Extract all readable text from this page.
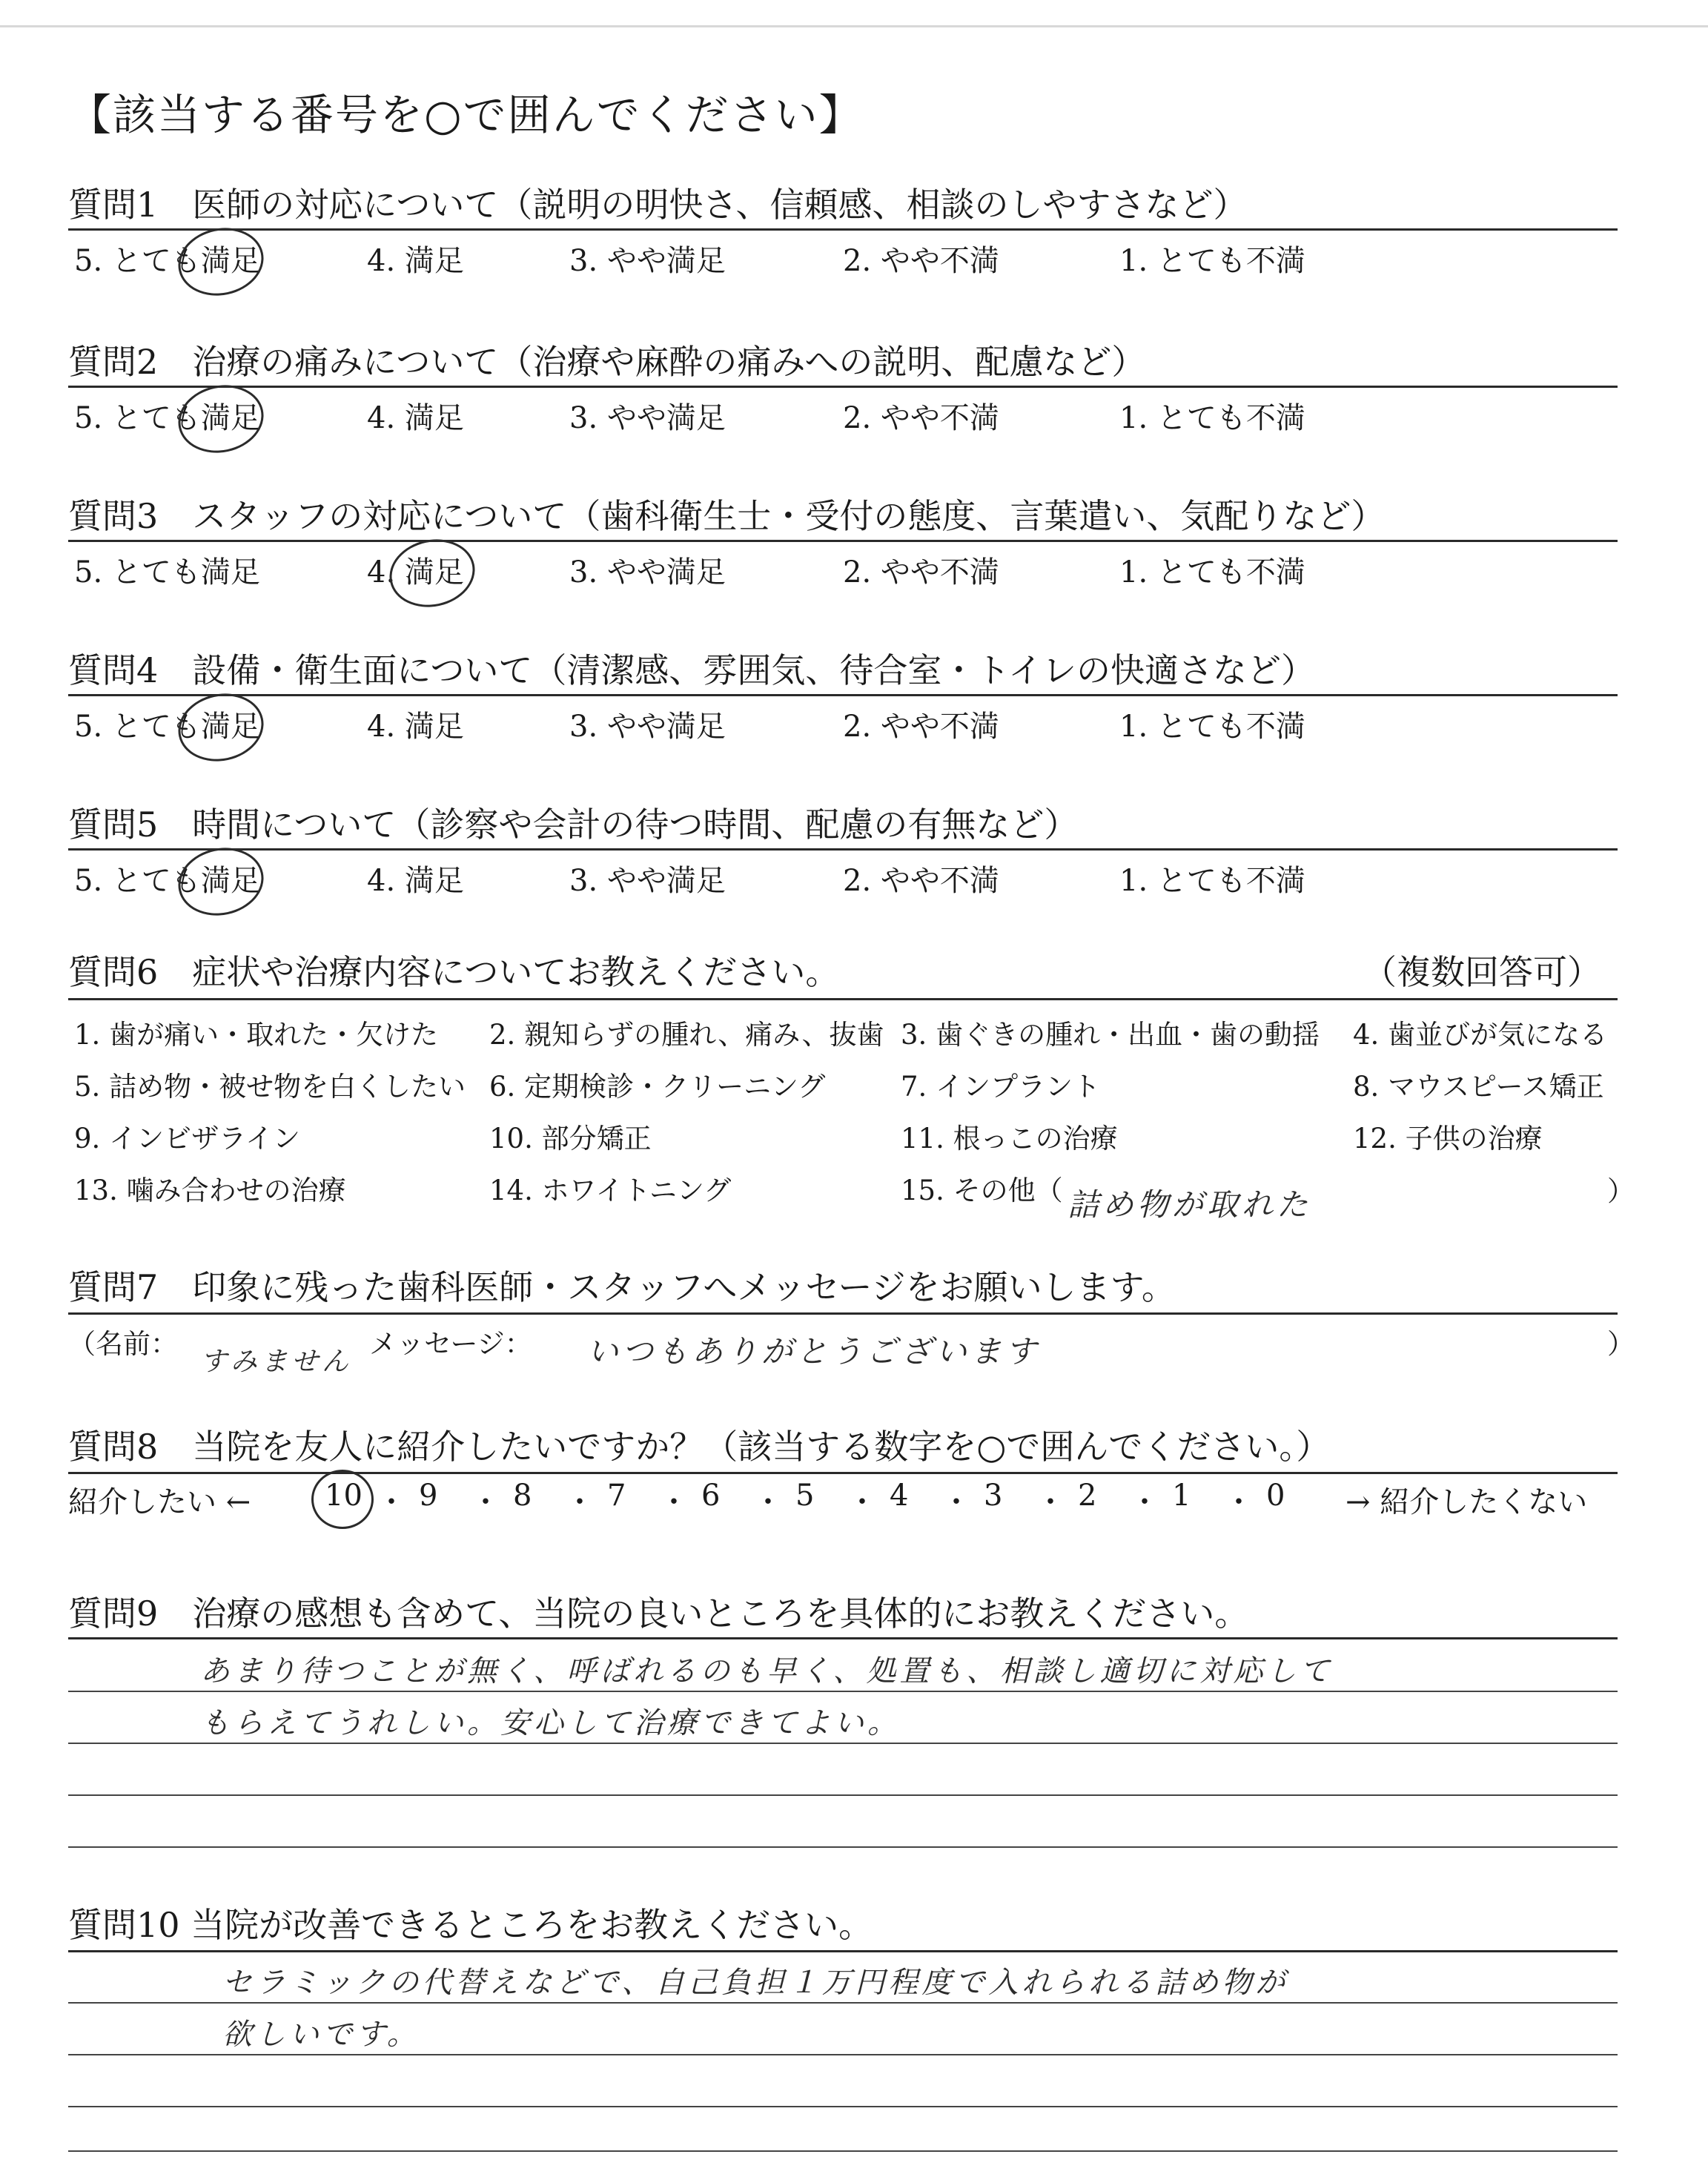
【該当する番号を○で囲んでください】
質問1　医師の対応について（説明の明快さ、信頼感、相談のしやすさなど）
5. とても満足	4. 満足	3. やや満足	2. やや不満	1. とても不満
質問2　治療の痛みについて（治療や麻酔の痛みへの説明、配慮など）
5. とても満足	4. 満足	3. やや満足	2. やや不満	1. とても不満
質問3　スタッフの対応について（歯科衛生士・受付の態度、言葉遣い、気配りなど）
5. とても満足	4. 満足	3. やや満足	2. やや不満	1. とても不満
質問4　設備・衛生面について（清潔感、雰囲気、待合室・トイレの快適さなど）
5. とても満足	4. 満足	3. やや満足	2. やや不満	1. とても不満
質問5　時間について（診察や会計の待つ時間、配慮の有無など）
5. とても満足	4. 満足	3. やや満足	2. やや不満	1. とても不満
質問6　症状や治療内容についてお教えください。	（複数回答可）
1. 歯が痛い・取れた・欠けた 2. 親知らずの腫れ、痛み、抜歯 3. 歯ぐきの腫れ・出血・歯の動揺 4. 歯並びが気になる
5. 詰め物・被せ物を白くしたい 6. 定期検診・クリーニング	7. インプラント	8. マウスピース矯正
9. インビザライン	10. 部分矯正	11. 根っこの治療	12. 子供の治療
13. 噛み合わせの治療	14. ホワイトニング	15. その他（ 詰め物が取れた	）
質問7　印象に残った歯科医師・スタッフへメッセージをお願いします。
（名前：
すみません
メッセージ： いつもありがとうございます	）
質問8　当院を友人に紹介したいですか？（該当する数字を○で囲んでください。）
紹介したい ← 10 ・ 9 ・ 8 ・ 7 ・ 6 ・ 5 ・ 4 ・ 3 ・ 2 ・ 1 ・ 0 → 紹介したくない
質問9　治療の感想も含めて、当院の良いところを具体的にお教えください。
あまり待つことが無く、呼ばれるのも早く、処置も、相談し適切に対応して
もらえてうれしい。安心して治療できてよい。
質問10 当院が改善できるところをお教えください。
セラミックの代替えなどで、自己負担１万円程度で入れられる詰め物が
欲しいです。
